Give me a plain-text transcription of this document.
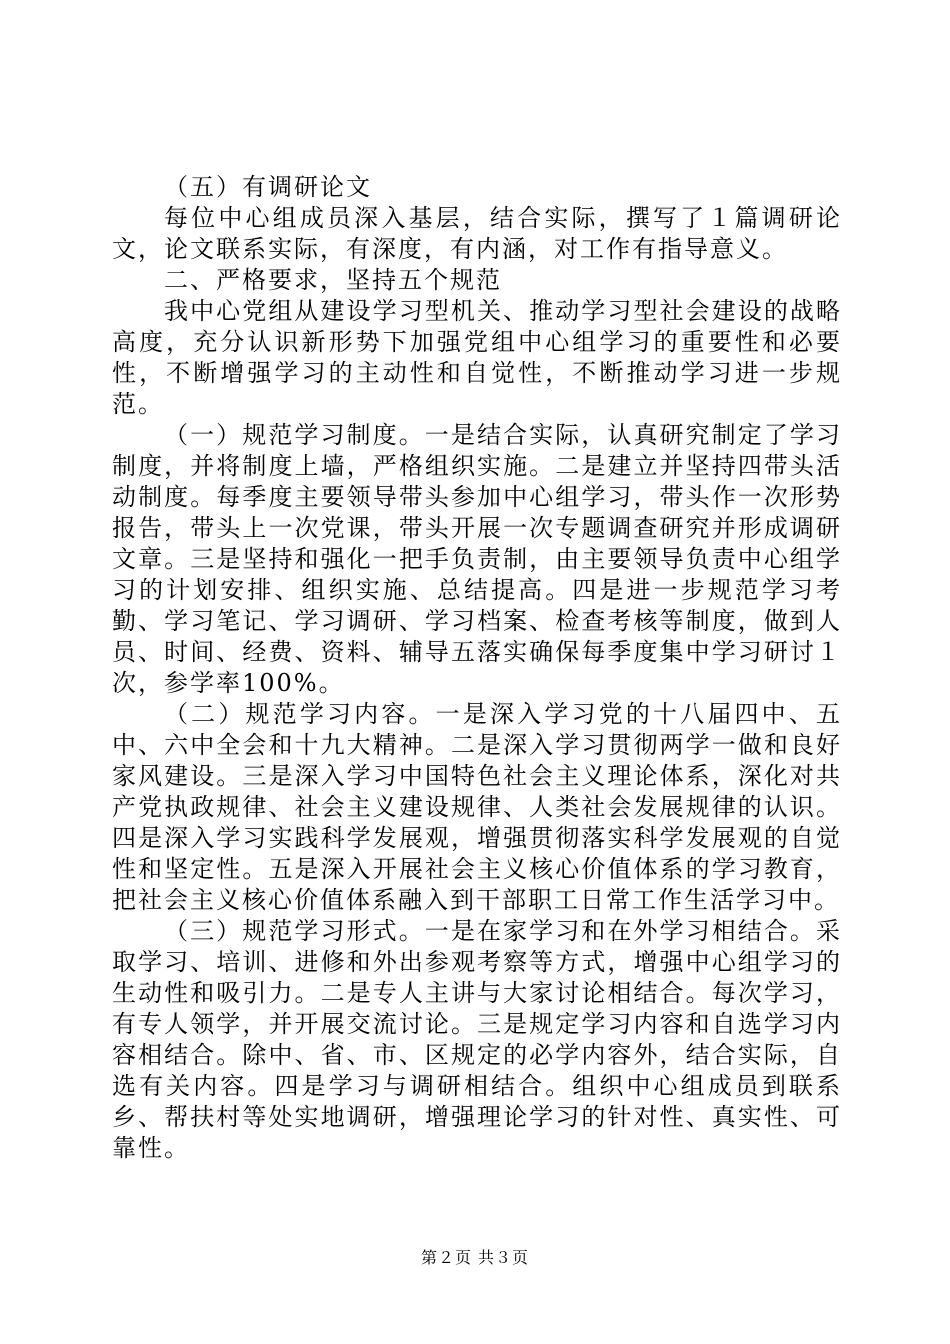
（五）有调研论文

每位中心组成员深入基层，结合实际，撰写了１篇调研论文，论文联系实际，有深度，有内涵，对工作有指导意义。

二、严格要求，坚持五个规范

我中心党组从建设学习型机关、推动学习型社会建设的战略高度，充分认识新形势下加强党组中心组学习的重要性和必要性，不断增强学习的主动性和自觉性，不断推动学习进一步规范。

（一）规范学习制度。一是结合实际，认真研究制定了学习制度，并将制度上墙，严格组织实施。二是建立并坚持四带头活动制度。每季度主要领导带头参加中心组学习，带头作一次形势报告，带头上一次党课，带头开展一次专题调查研究并形成调研文章。三是坚持和强化一把手负责制，由主要领导负责中心组学习的计划安排、组织实施、总结提高。四是进一步规范学习考勤、学习笔记、学习调研、学习档案、检查考核等制度，做到人员、时间、经费、资料、辅导五落实确保每季度集中学习研讨１次，参学率100%。

（二）规范学习内容。一是深入学习党的十八届四中、五中、六中全会和十九大精神。二是深入学习贯彻两学一做和良好家风建设。三是深入学习中国特色社会主义理论体系，深化对共产党执政规律、社会主义建设规律、人类社会发展规律的认识。四是深入学习实践科学发展观，增强贯彻落实科学发展观的自觉性和坚定性。五是深入开展社会主义核心价值体系的学习教育，把社会主义核心价值体系融入到干部职工日常工作生活学习中。

（三）规范学习形式。一是在家学习和在外学习相结合。采取学习、培训、进修和外出参观考察等方式，增强中心组学习的生动性和吸引力。二是专人主讲与大家讨论相结合。每次学习，有专人领学，并开展交流讨论。三是规定学习内容和自选学习内容相结合。除中、省、市、区规定的必学内容外，结合实际，自选有关内容。四是学习与调研相结合。组织中心组成员到联系乡、帮扶村等处实地调研，增强理论学习的针对性、真实性、可靠性。

第２页 共３页
